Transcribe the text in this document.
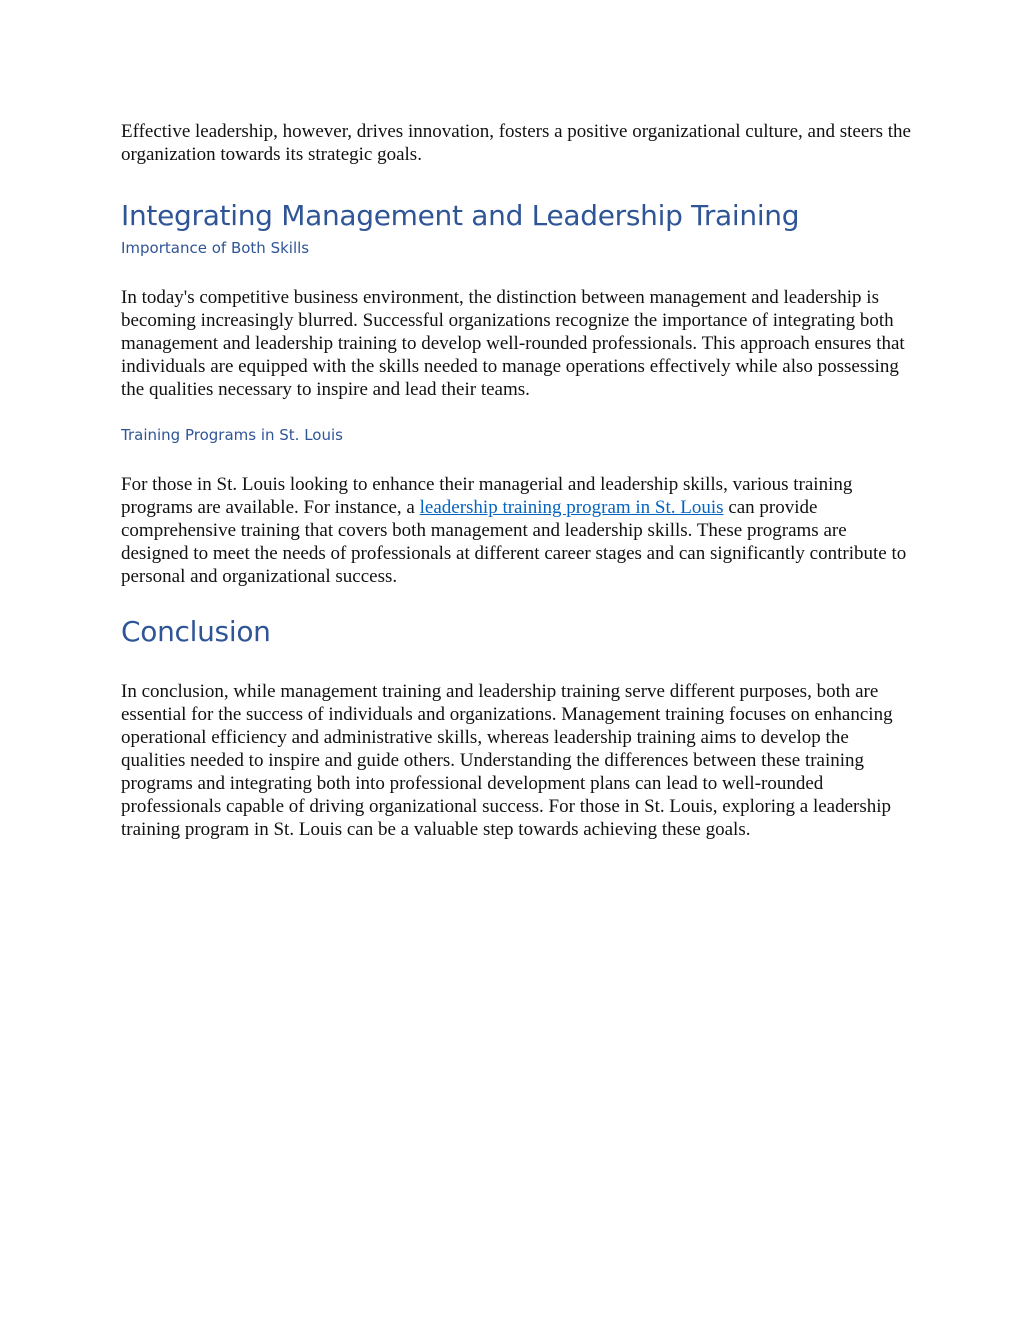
Effective leadership, however, drives innovation, fosters a positive organizational culture, and steers the organization towards its strategic goals.

Integrating Management and Leadership Training
Importance of Both Skills

In today's competitive business environment, the distinction between management and leadership is becoming increasingly blurred. Successful organizations recognize the importance of integrating both management and leadership training to develop well-rounded professionals. This approach ensures that individuals are equipped with the skills needed to manage operations effectively while also possessing the qualities necessary to inspire and lead their teams.

Training Programs in St. Louis

For those in St. Louis looking to enhance their managerial and leadership skills, various training programs are available. For instance, a leadership training program in St. Louis can provide comprehensive training that covers both management and leadership skills. These programs are designed to meet the needs of professionals at different career stages and can significantly contribute to personal and organizational success.

Conclusion

In conclusion, while management training and leadership training serve different purposes, both are essential for the success of individuals and organizations. Management training focuses on enhancing operational efficiency and administrative skills, whereas leadership training aims to develop the qualities needed to inspire and guide others. Understanding the differences between these training programs and integrating both into professional development plans can lead to well-rounded professionals capable of driving organizational success. For those in St. Louis, exploring a leadership training program in St. Louis can be a valuable step towards achieving these goals.
